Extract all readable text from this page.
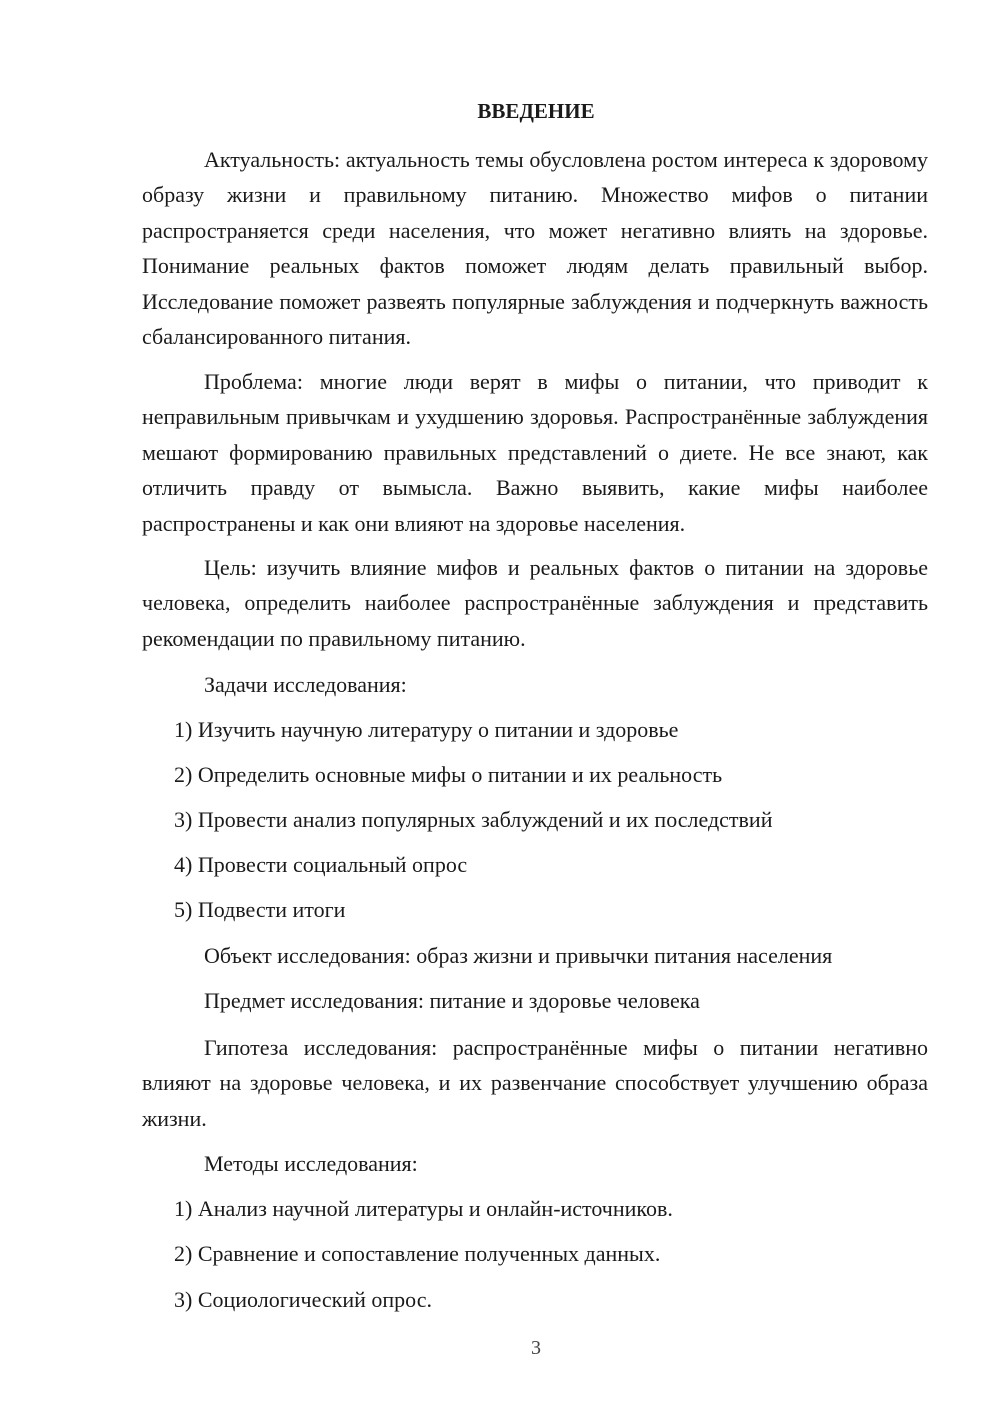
ВВЕДЕНИЕ

Актуальность: актуальность темы обусловлена ростом интереса к здоровому образу жизни и правильному питанию. Множество мифов о питании распространяется среди населения, что может негативно влиять на здоровье. Понимание реальных фактов поможет людям делать правильный выбор. Исследование поможет развеять популярные заблуждения и подчеркнуть важность сбалансированного питания.

Проблема: многие люди верят в мифы о питании, что приводит к неправильным привычкам и ухудшению здоровья. Распространённые заблуждения мешают формированию правильных представлений о диете. Не все знают, как отличить правду от вымысла. Важно выявить, какие мифы наиболее распространены и как они влияют на здоровье населения.

Цель: изучить влияние мифов и реальных фактов о питании на здоровье человека, определить наиболее распространённые заблуждения и представить рекомендации по правильному питанию.

Задачи исследования:

1) Изучить научную литературу о питании и здоровье

2) Определить основные мифы о питании и их реальность

3) Провести анализ популярных заблуждений и их последствий

4) Провести социальный опрос

5) Подвести итоги

Объект исследования: образ жизни и привычки питания населения

Предмет исследования: питание и здоровье человека

Гипотеза исследования: распространённые мифы о питании негативно влияют на здоровье человека, и их развенчание способствует улучшению образа жизни.

Методы исследования:

1) Анализ научной литературы и онлайн-источников.

2) Сравнение и сопоставление полученных данных.

3) Социологический опрос.

3
